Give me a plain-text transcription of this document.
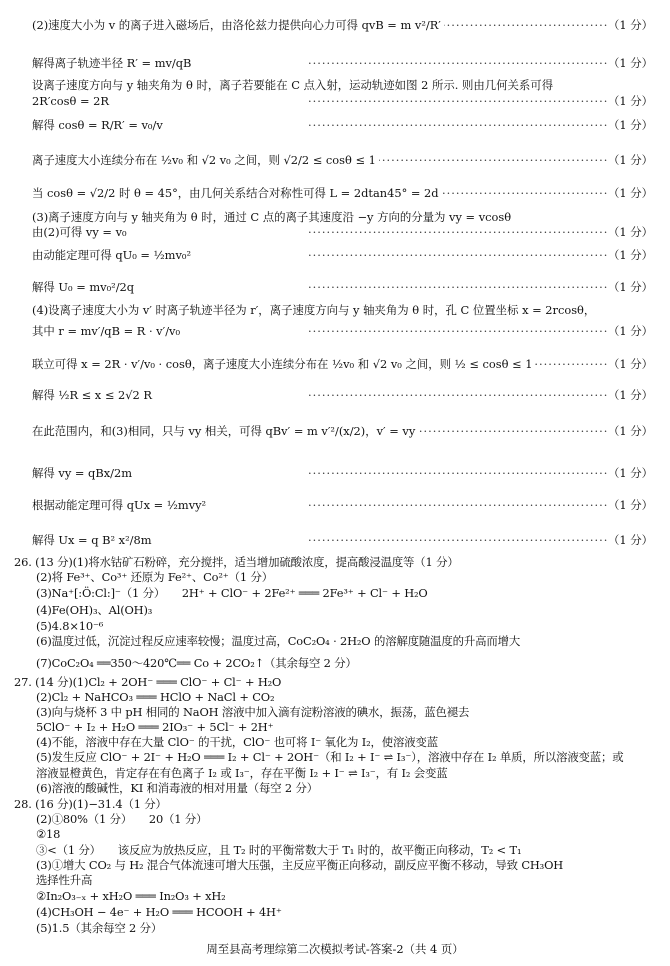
(2)速度大小为 v 的离子进入磁场后，由洛伦兹力提供向心力可得 qvB = m v²/R′ ·····	（1 分）
解得离子轨迹半径 R′ = mv/qB ·····	（1 分）
设离子速度方向与 y 轴夹角为 θ 时，离子若要能在 C 点入射，运动轨迹如图 2 所示. 则由几何关系可得
2R′cosθ = 2R ·····	（1 分）
解得 cosθ = R/R′ = v₀/v ·····	（1 分）
离子速度大小连续分布在 ½v₀ 和 √2 v₀ 之间，则 √2/2 ≤ cosθ ≤ 1 ·····	（1 分）
当 cosθ = √2/2 时 θ = 45°，由几何关系结合对称性可得 L = 2dtan45° = 2d ·····	（1 分）
(3)离子速度方向与 y 轴夹角为 θ 时，通过 C 点的离子其速度沿 −y 方向的分量为 vy = vcosθ
由(2)可得 vy = v₀ ·····	（1 分）
由动能定理可得 qU₀ = ½mv₀² ·····	（1 分）
解得 U₀ = mv₀²/2q ·····	（1 分）
(4)设离子速度大小为 v′ 时离子轨迹半径为 r′，离子速度方向与 y 轴夹角为 θ 时，孔 C 位置坐标 x = 2rcosθ，
其中 r = mv′/qB = R · v′/v₀ ·····	（1 分）
联立可得 x = 2R · v′/v₀ · cosθ，离子速度大小连续分布在 ½v₀ 和 √2 v₀ 之间，则 ½ ≤ cosθ ≤ 1 ·····	（1 分）
解得 ½R ≤ x ≤ 2√2 R ·····	（1 分）
在此范围内，和(3)相同，只与 vy 相关，可得 qBv′ = m v′²/(x/2)，v′ = vy ·····	（1 分）
解得 vy = qBx/2m ·····	（1 分）
根据动能定理可得 qUx = ½mvy² ·····	（1 分）
解得 Ux = q B² x²/8m ·····	（1 分）
26. (13 分)(1)将水钴矿石粉碎，充分搅拌，适当增加硫酸浓度，提高酸浸温度等（1 分）
(2)将 Fe³⁺、Co³⁺ 还原为 Fe²⁺、Co²⁺（1 分）
(3)Na⁺[:Ö:Cl:]⁻（1 分）　　2H⁺ + ClO⁻ + 2Fe²⁺ ═══ 2Fe³⁺ + Cl⁻ + H₂O
(4)Fe(OH)₃、Al(OH)₃
(5)4.8×10⁻⁶
(6)温度过低，沉淀过程反应速率较慢；温度过高，CoC₂O₄ · 2H₂O 的溶解度随温度的升高而增大
(7)CoC₂O₄ ══350～420℃══ Co + 2CO₂↑（其余每空 2 分）
27. (14 分)(1)Cl₂ + 2OH⁻ ═══ ClO⁻ + Cl⁻ + H₂O
(2)Cl₂ + NaHCO₃ ═══ HClO + NaCl + CO₂
(3)向与烧杯 3 中 pH 相同的 NaOH 溶液中加入滴有淀粉溶液的碘水，振荡，蓝色褪去
5ClO⁻ + I₂ + H₂O ═══ 2IO₃⁻ + 5Cl⁻ + 2H⁺
(4)不能，溶液中存在大量 ClO⁻ 的干扰，ClO⁻ 也可将 I⁻ 氧化为 I₂，使溶液变蓝
(5)发生反应 ClO⁻ + 2I⁻ + H₂O ═══ I₂ + Cl⁻ + 2OH⁻（和 I₂ + I⁻ ⇌ I₃⁻），溶液中存在 I₂ 单质，所以溶液变蓝；或
溶液显橙黄色，肯定存在有色离子 I₂ 或 I₃⁻，存在平衡 I₂ + I⁻ ⇌ I₃⁻，有 I₂ 会变蓝
(6)溶液的酸碱性，KI 和消毒液的相对用量（每空 2 分）
28. (16 分)(1)−31.4（1 分）
(2)①80%（1 分）　　20（1 分）
②18
③<（1 分）　　该反应为放热反应，且 T₂ 时的平衡常数大于 T₁ 时的，故平衡正向移动，T₂ < T₁
(3)①增大 CO₂ 与 H₂ 混合气体流速可增大压强，主反应平衡正向移动，副反应平衡不移动，导致 CH₃OH
选择性升高
②In₂O₃₋ₓ + xH₂O ═══ In₂O₃ + xH₂
(4)CH₃OH − 4e⁻ + H₂O ═══ HCOOH + 4H⁺
(5)1.5（其余每空 2 分）
周至县高考理综第二次模拟考试-答案-2（共 4 页）
